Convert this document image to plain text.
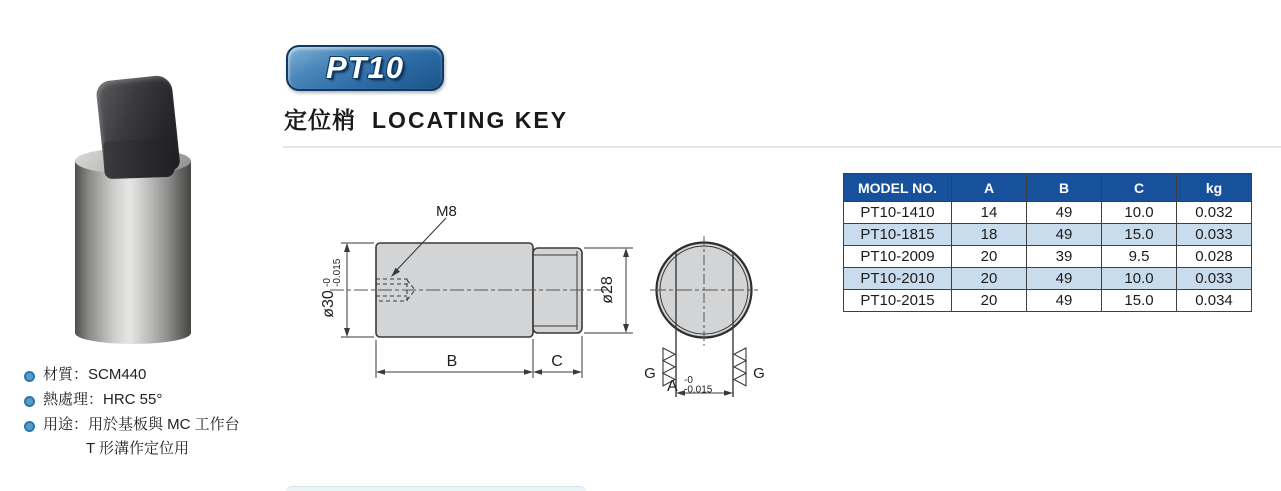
PT10
定位梢 LOCATING KEY
材質：SCM440
熱處理：HRC 55°
用途：用於基板與 MC 工作台
T 形溝作定位用
M8
ø30
-0 -0.015
ø28
B	C
G	G
A -0
-0.015
MODEL NO.	A	B	C	kg
PT10-1410	14	49	10.0	0.032
PT10-1815	18	49	15.0	0.033
PT10-2009	20	39	9.5	0.028
PT10-2010	20	49	10.0	0.033
PT10-2015	20	49	15.0	0.034
